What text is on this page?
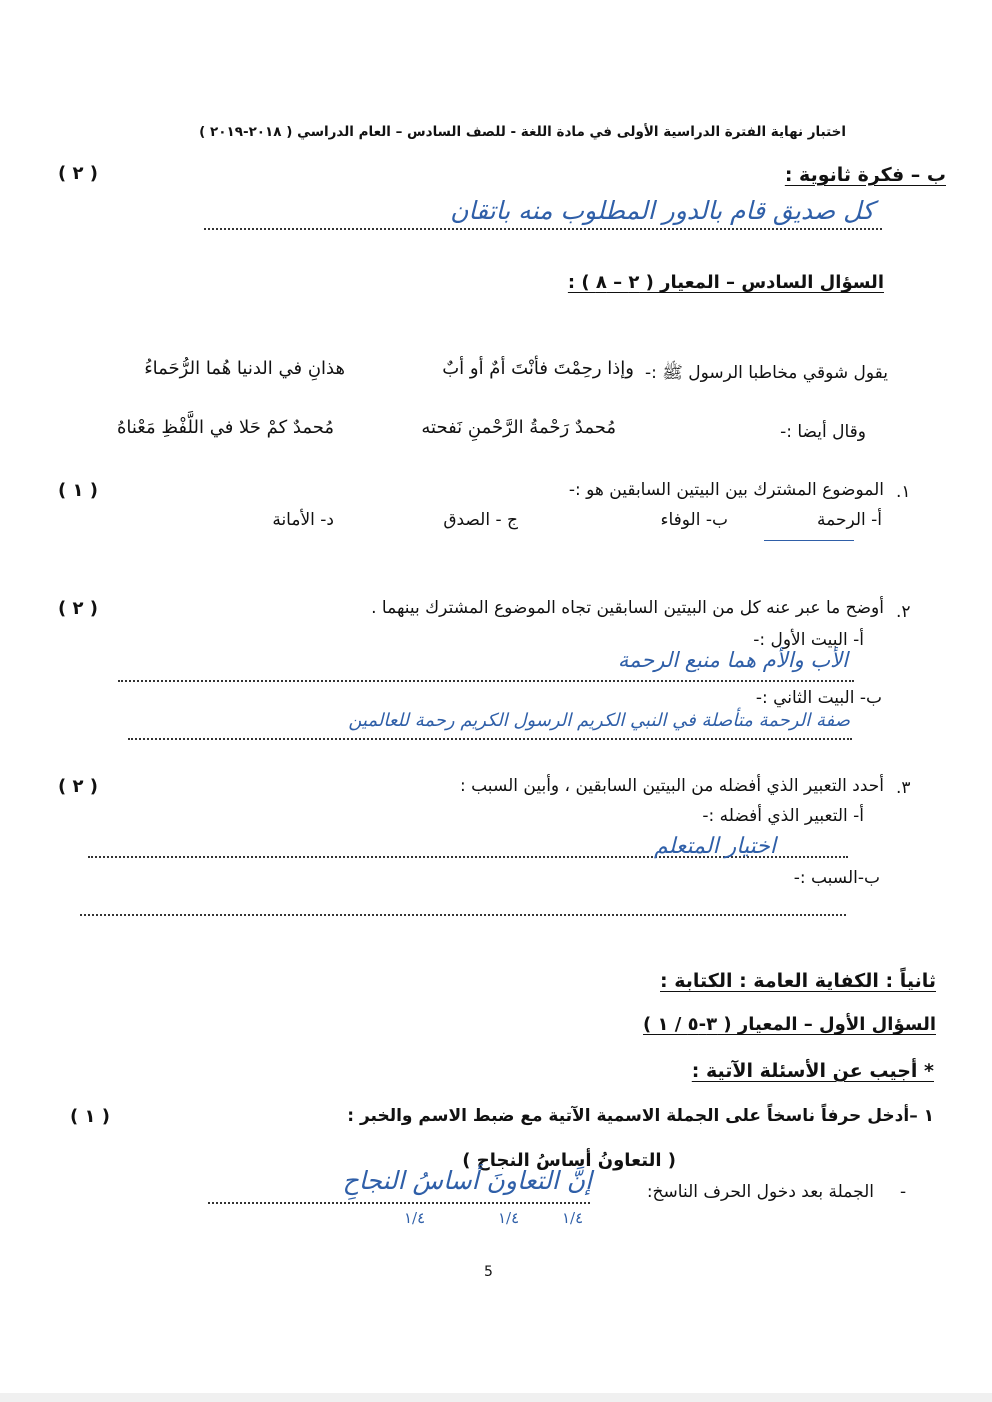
اختبار نهاية الفترة الدراسية الأولى في مادة اللغة - للصف السادس – العام الدراسي ( ٢٠١٨-٢٠١٩ )
ب – فكرة ثانوية :
( ٢ )
كل صديق قام بالدور المطلوب منه باتقان
السؤال السادس – المعيار ( ٢ – ٨ ) :
يقول شوقي مخاطبا الرسول ﷺ :-
وإذا رحِمْتَ فأنْتَ أمٌ أو أبٌ
هذانِ في الدنيا هُما الرُّحَماءُ
وقال أيضا :-
مُحمدٌ رَحْمةُ الرَّحْمنِ نَفحته
مُحمدٌ كمْ حَلا في اللَّفْظِ مَعْناهُ
.١
الموضوع المشترك بين البيتين السابقين هو :-
( ١ )
أ- الرحمة
ب- الوفاء
ج - الصدق
د- الأمانة
.٢
أوضح ما عبر عنه كل من البيتين السابقين تجاه الموضوع المشترك بينهما .
( ٢ )
أ- البيت الأول :-
الأب والأم هما منبع الرحمة
ب- البيت الثاني :-
صفة الرحمة متأصلة في النبي الكريم الرسول الكريم رحمة للعالمين
.٣
أحدد التعبير الذي أفضله من البيتين السابقين ، وأبين السبب :
( ٢ )
أ- التعبير الذي أفضله :-
اختيار المتعلم
ب-السبب :-
ثانياً : الكفاية العامة : الكتابة :
السؤال الأول – المعيار ( ٣-٥ / ١ )
* أجيب عن الأسئلة الآتية :
١ –أدخل حرفاً ناسخاً على الجملة الاسمية الآتية مع ضبط الاسم والخبر :
( ١ )
( التعاونُ أساسُ النجاح )
-
الجملة بعد دخول الحرف الناسخ:
إنَّ التعاونَ أساسُ النجاحِ
١/٤	١/٤	١/٤
5
